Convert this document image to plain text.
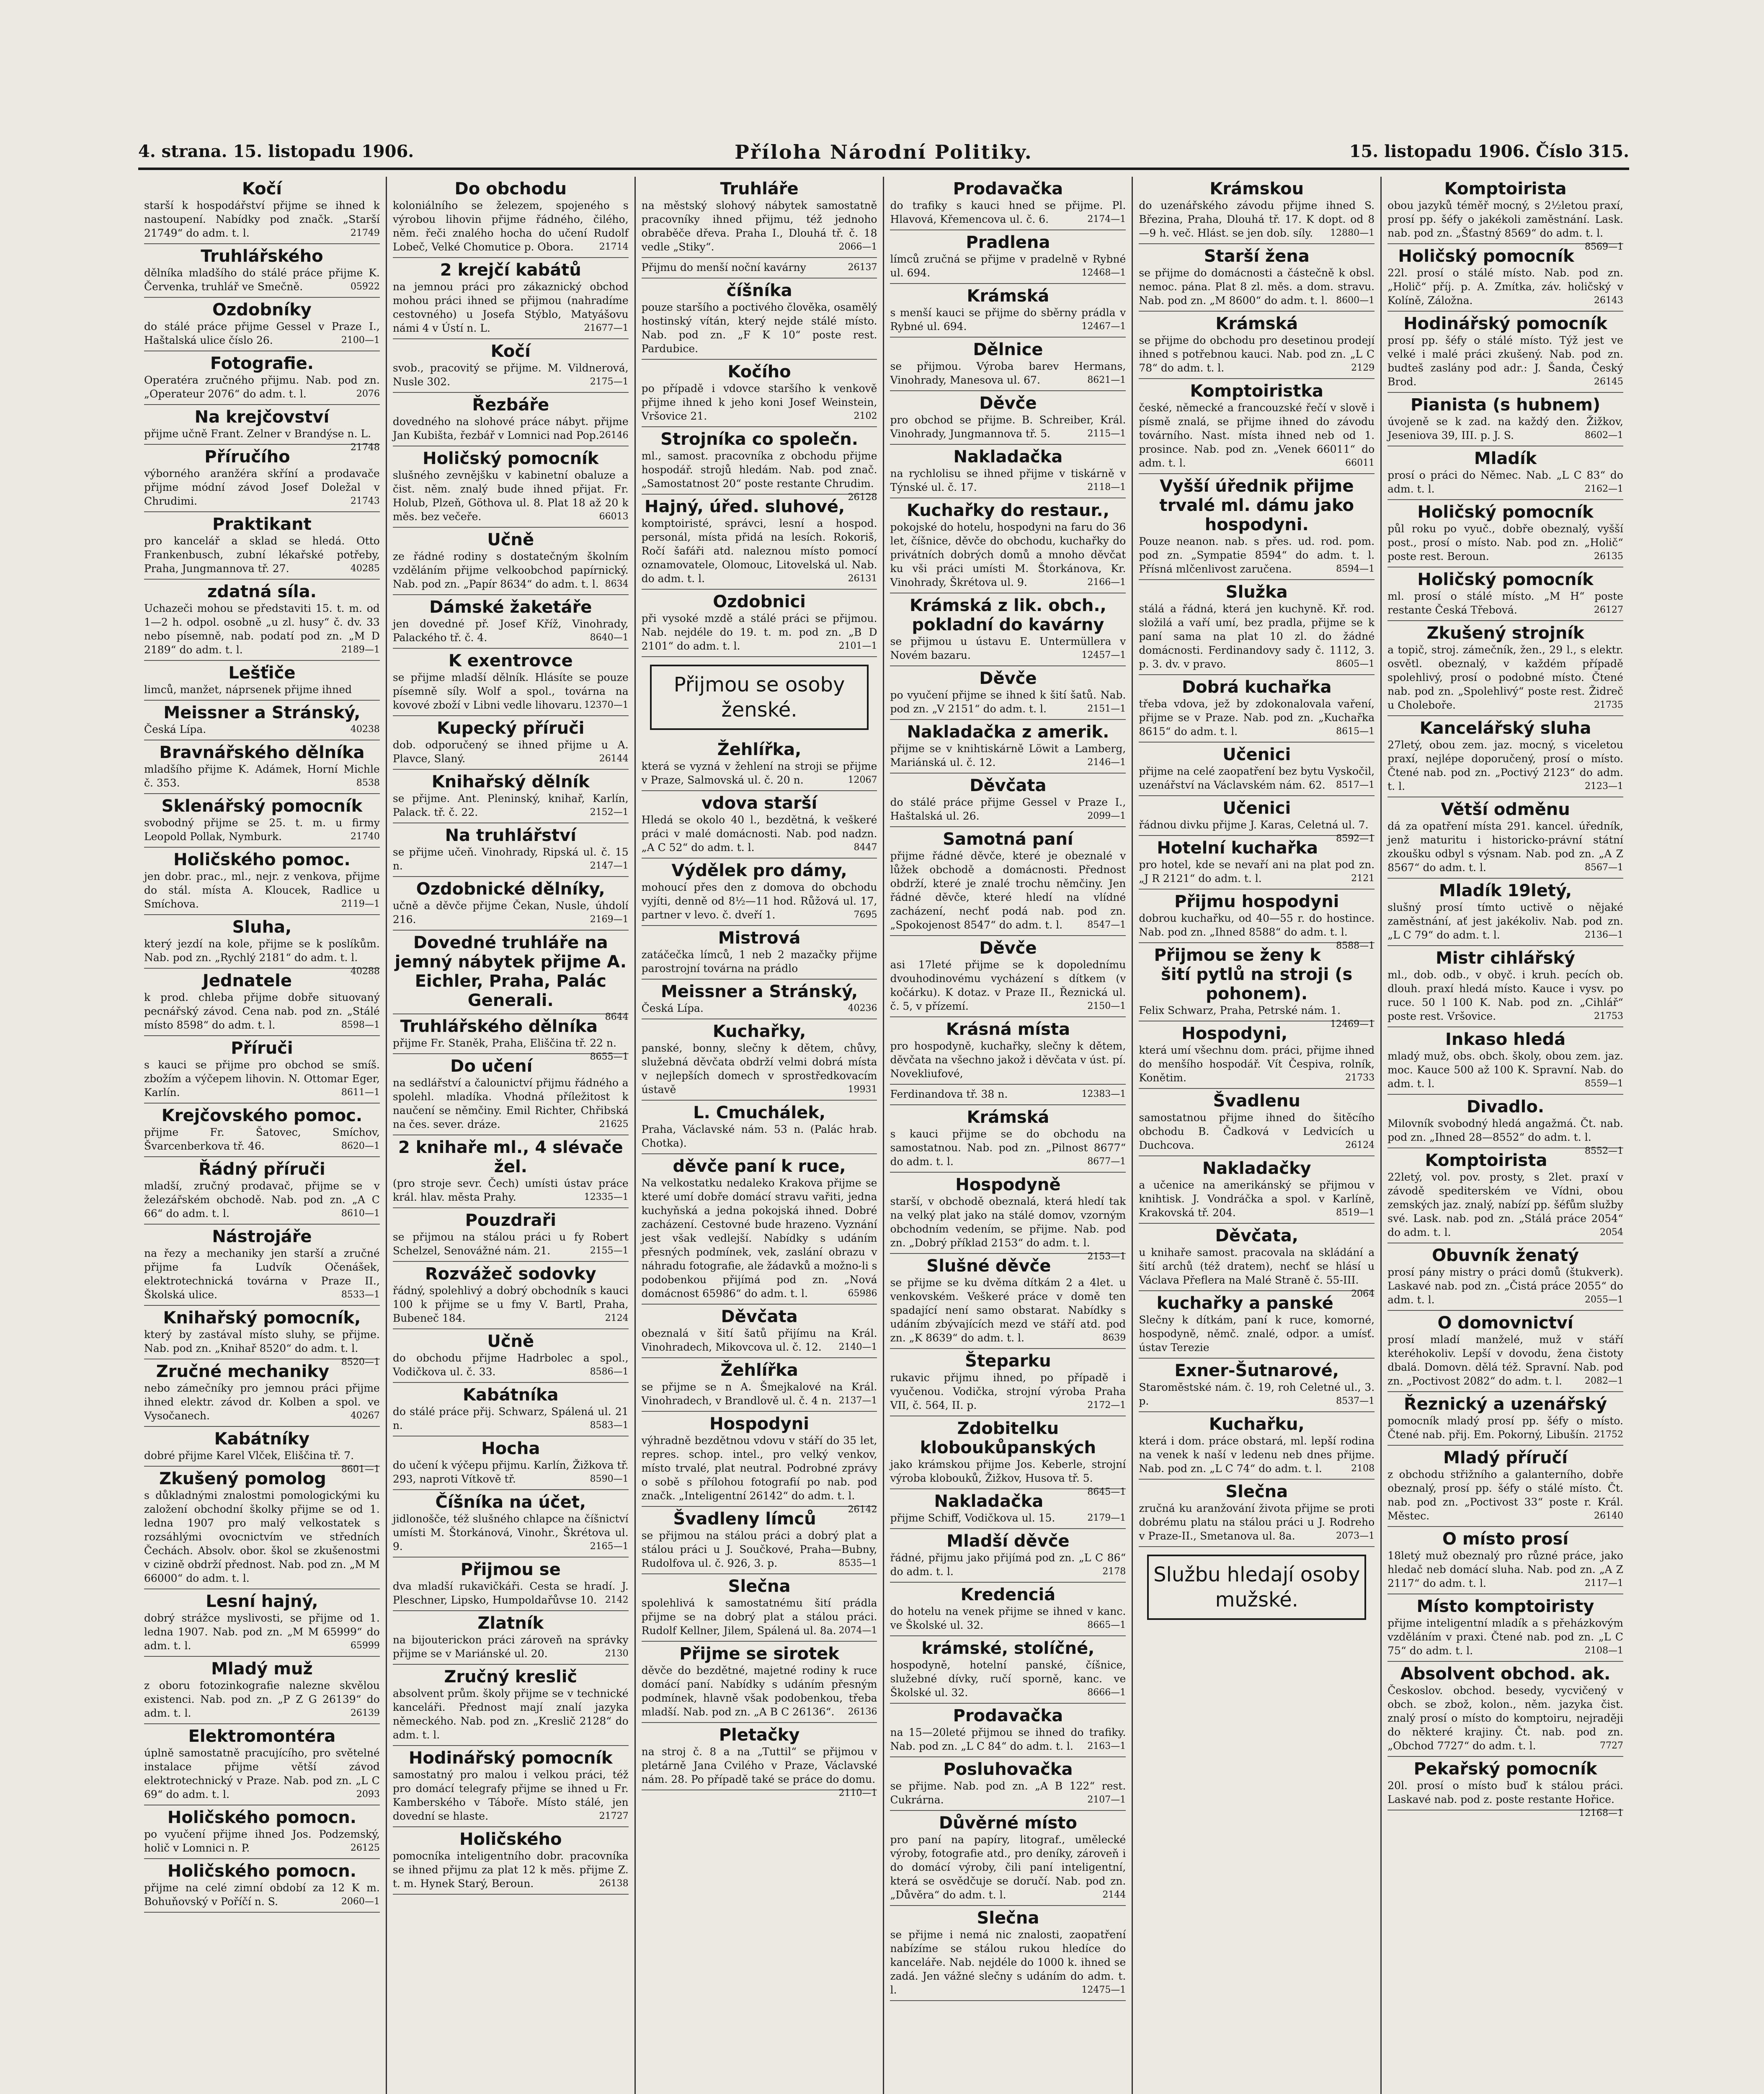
4. strana. 15. listopadu 1906.	Příloha Národní Politiky.	15. listopadu 1906. Číslo 315.
Kočí

starší k hospodářství přijme se ihned k nastoupení. Nabídky pod značk. „Starší 21749“ do adm. t. l.	21749

Truhlářského

dělníka mladšího do stálé práce přijme K. Červenka, truhlář ve Smečně.	05922

Ozdobníky

do stálé práce přijme Gessel v Praze I., Haštalská ulice číslo 26.	2100—1

Fotografie.

Operatéra zručného přijmu. Nab. pod zn. „Operateur 2076“ do adm. t. l.	2076

Na krejčovství

přijme učně Frant. Zelner v Brandýse n. L.
21748

Příručího

výborného aranžéra skříní a prodavače přijme módní závod Josef Doležal v Chrudimi.	21743

Praktikant

pro kancelář a sklad se hledá. Otto Frankenbusch, zubní lékařské potřeby, Praha, Jungmannova tř. 27.	40285

zdatná síla.

Uchazeči mohou se představiti 15. t. m. od 1—2 h. odpol. osobně „u zl. husy“ č. dv. 33 nebo písemně, nab. podatí pod zn. „M D 2189“ do adm. t. l.	2189—1

Lešťiče

limců, manžet, náprsenek přijme ihned

Meissner a Stránský,

Česká Lípa.	40238

Bravnářského dělníka

mladšího přijme K. Adámek, Horní Michle č. 353.	8538

Sklenářský pomocník

svobodný přijme se 25. t. m. u firmy Leopold Pollak, Nymburk.	21740

Holičského pomoc.

jen dobr. prac., ml., nejr. z venkova, přijme do stál. místa A. Kloucek, Radlice u Smíchova.	2119—1

Sluha,

který jezdí na kole, přijme se k poslíkům. Nab. pod zn. „Rychlý 2181“ do adm. t. l.
40288

Jednatele

k prod. chleba přijme dobře situovaný pecnářský závod. Cena nab. pod zn. „Stálé místo 8598“ do adm. t. l.	8598—1

Příruči

s kauci se přijme pro obchod se smíš. zbožím a výčepem lihovin. N. Ottomar Eger, Karlín.	8611—1

Krejčovského pomoc.

přijme Fr. Šatovec, Smíchov, Švarcenberkova tř. 46.	8620—1

Řádný příruči

mladší, zručný prodavač, přijme se v železářském obchodě. Nab. pod zn. „A C 66“ do adm. t. l.	8610—1

Nástrojáře

na řezy a mechaniky jen starší a zručné přijme fa Ludvík Očenášek, elektrotechnická továrna v Praze II., Školská ulice.	8533—1

Knihařský pomocník,

který by zastával místo sluhy, se přijme. Nab. pod zn. „Knihař 8520“ do adm. t. l.
8520—1

Zručné mechaniky

nebo zámečníky pro jemnou práci přijme ihned elektr. závod dr. Kolben a spol. ve Vysočanech.	40267

Kabátníky

dobré přijme Karel Vlček, Eliščina tř. 7.
8601—1

Zkušený pomolog

s důkladnými znalostmi pomologickými ku založení obchodní školky přijme se od 1. ledna 1907 pro malý velkostatek s rozsáhlými ovocnictvím ve středních Čechách. Absolv. obor. škol se zkušenostmi v cizině obdrží přednost. Nab. pod zn. „M M 66000“ do adm. t. l.

Lesní hajný,

dobrý strážce myslivosti, se přijme od 1. ledna 1907. Nab. pod zn. „M M 65999“ do adm. t. l.	65999

Mladý muž

z oboru fotozinkografie nalezne skvělou existenci. Nab. pod zn. „P Z G 26139“ do adm. t. l.	26139

Elektromontéra

úplně samostatně pracujícího, pro světelné instalace přijme větší závod elektrotechnický v Praze. Nab. pod zn. „L C 69“ do adm. t. l.	2093

Holičského pomocn.

po vyučení přijme ihned Jos. Podzemský, holič v Lomnici n. P.	26125

Holičského pomocn.

přijme na celé zimní období za 12 K m. Bohuňovský v Poříčí n. S.	2060—1

Do obchodu

koloniálního se železem, spojeného s výrobou lihovin přijme řádného, čilého, něm. řeči znalého hocha do učení Rudolf Lobeč, Velké Chomutice p. Obora.	21714

2 krejčí kabátů

na jemnou práci pro zákaznický obchod mohou práci ihned se přijmou (nahradíme cestovného) u Josefa Stýblo, Matyášovu námi 4 v Ústí n. L.	21677—1

Kočí

svob., pracovitý se přijme. M. Vildnerová, Nusle 302.	2175—1

Řezbáře

dovedného na slohové práce nábyt. přijme Jan Kubišta, řezbář v Lomnici nad Pop. 26146

Holičský pomocník

slušného zevnějšku v kabinetní obaluze a čist. něm. znalý bude ihned přijat. Fr. Holub, Plzeň, Göthova ul. 8. Plat 18 až 20 k měs. bez večeře.	66013

Učně

ze řádné rodiny s dostatečným školním vzděláním přijme velkoobchod papírnický. Nab. pod zn. „Papír 8634“ do adm. t. l. 8634

Dámské žaketáře

jen dovedné př. Josef Kříž, Vinohrady, Palackého tř. č. 4.	8640—1

K exentrovce

se přijme mladší dělník. Hlásíte se pouze písemně síly. Wolf a spol., továrna na kovové zboží v Libni vedle lihovaru. 12370—1

Kupecký příruči

dob. odporučený se ihned přijme u A. Plavce, Slaný.	26144

Knihařský dělník

se přijme. Ant. Pleninský, knihař, Karlín, Palack. tř. č. 22.	2152—1

Na truhlářství

se přijme učeň. Vinohrady, Ripská ul. č. 15 n.	2147—1

Ozdobnické dělníky,

učně a děvče přijme Čekan, Nusle, úhdolí 216.	2169—1

Dovedné truhláře na jemný nábytek přijme A. Eichler, Praha, Palác Generali.

8644

Truhlářského dělníka

přijme Fr. Staněk, Praha, Eliščina tř. 22 n.
8655—1

Do učení

na sedlářství a čalounictví přijmu řádného a spolehl. mladíka. Vhodná příležitost k naučení se němčiny. Emil Richter, Chřibská na čes. sever. dráze.	21625

2 knihaře ml., 4 slévače žel.

(pro stroje sevr. Čech) umísti ústav práce král. hlav. města Prahy.	12335—1

Pouzdraři

se přijmou na stálou práci u fy Robert Schelzel, Senovážné nám. 21.	2155—1

Rozvážeč sodovky

řádný, spolehlivý a dobrý obchodník s kauci 100 k přijme se u fmy V. Bartl, Praha, Bubeneč 184.	2124

Učně

do obchodu přijme Hadrbolec a spol., Vodičkova ul. č. 33.	8586—1

Kabátníka

do stálé práce přij. Schwarz, Spálená ul. 21 n.	8583—1

Hocha

do učení k výčepu přijmu. Karlín, Žižkova tř. 293, naproti Vítkově tř.	8590—1

Číšníka na účet,

jidlonošče, též slušného chlapce na číšnictví umísti M. Štorkánová, Vinohr., Škrétova ul. 9.	2165—1

Přijmou se

dva mladší rukavičkáři. Cesta se hradí. J. Pleschner, Lipsko, Humpoldařůvse 10. 2142

Zlatník

na bijouterickon práci zároveň na správky přijme se v Mariánské ul. 20.	2130

Zručný kreslič

absolvent prům. školy přijme se v technické kanceláři. Přednost mají znalí jazyka německého. Nab. pod zn. „Kreslič 2128“ do adm. t. l.

Hodinářský pomocník

samostatný pro malou i velkou práci, též pro domácí telegrafy přijme se ihned u Fr. Kamberského v Táboře. Místo stálé, jen dovední se hlaste.	21727

Holičského

pomocníka inteligentního dobr. pracovníka se ihned přijmu za plat 12 k měs. přijme Z. t. m. Hynek Starý, Beroun.	26138

Truhláře

na městský slohový nábytek samostatně pracovníky ihned přijmu, též jednoho obraběče dřeva. Praha I., Dlouhá tř. č. 18 vedle „Stiky“.	2066—1

Přijmu do menší noční kavárny	26137

číšníka

pouze staršího a poctivého člověka, osamělý hostinský vítán, který nejde stálé místo. Nab. pod zn. „F K 10“ poste rest. Pardubice.

Kočího

po případě i vdovce staršího k venkově přijme ihned k jeho koni Josef Weinstein, Vršovice 21.	2102

Strojníka co společn.

ml., samost. pracovníka z obchodu přijme hospodář. strojů hledám. Nab. pod znač. „Samostatnost 20“ poste restante Chrudim.
26128

Hajný, úřed. sluhové,

komptoiristé, správci, lesní a hospod. personál, místa přidá na lesích. Rokoriš, Ročí šafáři atd. naleznou místo pomocí oznamovatele, Olomouc, Litovelská ul. Nab. do adm. t. l.	26131

Ozdobnici

při vysoké mzdě a stálé práci se přijmou. Nab. nejdéle do 19. t. m. pod zn. „B D 2101“ do adm. t. l.	2101—1

Přijmou se osoby ženské.
Žehlířka,

která se vyzná v žehlení na stroji se přijme v Praze, Salmovská ul. č. 20 n.	12067

vdova starší

Hledá se okolo 40 l., bezdětná, k veškeré práci v malé domácnosti. Nab. pod nadzn. „A C 52“ do adm. t. l.	8447

Výdělek pro dámy,

mohoucí přes den z domova do obchodu vyjíti, denně od 8½—11 hod. Růžová ul. 17, partner v levo. č. dveří 1.	7695

Mistrová

zatáčečka límců, 1 neb 2 mazačky přijme parostrojní továrna na prádlo

Meissner a Stránský,

Česká Lípa.	40236

Kuchařky,

panské, bonny, slečny k dětem, chůvy, služebná děvčata obdrží velmi dobrá místa v nejlepších domech v sprostředkovacím ústavě	19931

L. Cmuchálek,

Praha, Václavské nám. 53 n. (Palác hrab. Chotka).

děvče paní k ruce,

Na velkostatku nedaleko Krakova přijme se které umí dobře domácí stravu vařiti, jedna kuchyňská a jedna pokojská ihned. Dobré zacházení. Cestovné bude hrazeno. Vyznání jest však vedlejší. Nabídky s udáním přesných podmínek, vek, zaslání obrazu v náhradu fotografie, ale žádavků a možno-li s podobenkou přijímá pod zn. „Nová domácnost 65986“ do adm. t. l.	65986

Děvčata

obeznalá v šití šatů přijímu na Král. Vinohradech, Mikovcova ul. č. 12. 2140—1

Žehlířka

se přijme se n A. Šmejkalové na Král. Vinohradech, v Brandlově ul. č. 4 n. 2137—1

Hospodyni

výhradně bezdětnou vdovu v stáří do 35 let, repres. schop. intel., pro velký venkov, místo trvalé, plat neutral. Podrobné zprávy o sobě s přílohou fotografií po nab. pod značk. „Inteligentní 26142“ do adm. t. l.
26142

Švadleny límců

se přijmou na stálou práci a dobrý plat a stálou práci u J. Součkové, Praha—Bubny, Rudolfova ul. č. 926, 3. p.	8535—1

Slečna

spolehlivá k samostatnému šití prádla přijme se na dobrý plat a stálou práci. Rudolf Kellner, Jilem, Spálená ul. 8a. 2074—1

Přijme se sirotek

děvče do bezdětné, majetné rodiny k ruce domácí paní. Nabídky s udáním přesným podmínek, hlavně však podobenkou, třeba mladší. Nab. pod zn. „A B C 26136“. 26136

Pletačky

na stroj č. 8 a na „Tuttil“ se přijmou v pletárně Jana Cvilého v Praze, Václavské nám. 28. Po případě také se práce do domu.
2110—1

Prodavačka

do trafiky s kauci hned se přijme. Pl. Hlavová, Křemencova ul. č. 6.	2174—1

Pradlena

límců zručná se přijme v pradelně v Rybné ul. 694.	12468—1

Krámská

s menší kauci se přijme do sběrny prádla v Rybné ul. 694.	12467—1

Dělnice

se přijmou. Výroba barev Hermans, Vinohrady, Manesova ul. 67.	8621—1

Děvče

pro obchod se přijme. B. Schreiber, Král. Vinohrady, Jungmannova tř. 5.	2115—1

Nakladačka

na rychlolisu se ihned přijme v tiskárně v Týnské ul. č. 17.	2118—1

Kuchařky do restaur.,

pokojské do hotelu, hospodyni na faru do 36 let, číšnice, děvče do obchodu, kuchařky do privátních dobrých domů a mnoho děvčat ku vši práci umísti M. Štorkánova, Kr. Vinohrady, Škrétova ul. 9.	2166—1

Krámská z lik. obch., pokladní do kavárny

se přijmou u ústavu E. Untermüllera v Novém bazaru.	12457—1

Děvče

po vyučení přijme se ihned k šití šatů. Nab. pod zn. „V 2151“ do adm. t. l.	2151—1

Nakladačka z amerik.

přijme se v knihtiskárně Löwit a Lamberg, Mariánská ul. č. 12.	2146—1

Děvčata

do stálé práce přijme Gessel v Praze I., Haštalská ul. 26.	2099—1

Samotná paní

přijme řádné děvče, které je obeznalé v lůžek obchodě a domácnosti. Přednost obdrží, které je znalé trochu němčiny. Jen řádné děvče, které hledí na vlídné zacházení, nechť podá nab. pod zn. „Spokojenost 8547“ do adm. t. l.	8547—1

Děvče

asi 17leté přijme se k dopolednímu dvouhodinovému vycházení s dítkem (v kočárku). K dotaz. v Praze II., Řeznická ul. č. 5, v přízemí.	2150—1

Krásná místa

pro hospodyně, kuchařky, slečny k dětem, děvčata na všechno jakož i děvčata v úst. pí. Novekliufové,

Ferdinandova tř. 38 n.	12383—1

Krámská

s kauci přijme se do obchodu na samostatnou. Nab. pod zn. „Pilnost 8677“ do adm. t. l.	8677—1

Hospodyně

starší, v obchodě obeznalá, která hledí tak na velký plat jako na stálé domov, vzorným obchodním vedením, se přijme. Nab. pod zn. „Dobrý příklad 2153“ do adm. t. l.
2153—1

Slušné děvče

se přijme se ku dvěma dítkám 2 a 4let. u venkovském. Veškeré práce v domě ten spadající není samo obstarat. Nabídky s udáním zbývajících mezd ve stáří atd. pod zn. „K 8639“ do adm. t. l.	8639

Šteparku

rukavic přijmu ihned, po případě i vyučenou. Vodička, strojní výroba Praha VII, č. 564, II. p.	2172—1

Zdobitelku kloboukůpanských

jako krámskou přijme Jos. Keberle, strojní výroba klobouků, Žižkov, Husova tř. 5.
8645—1

Nakladačka

přijme Schiff, Vodičkova ul. 15.	2179—1

Mladší děvče

řádné, přijmu jako přijímá pod zn. „L C 86“ do adm. t. l.	2178

Kredenciá

do hotelu na venek přijme se ihned v kanc. ve Školské ul. 32.	8665—1

krámské, stolíčné,

hospodyně, hotelní panské, číšnice, služebné dívky, ručí sporně, kanc. ve Školské ul. 32.	8666—1

Prodavačka

na 15—20leté přijmou se ihned do trafiky. Nab. pod zn. „L C 84“ do adm. t. l. 2163—1

Posluhovačka

se přijme. Nab. pod zn. „A B 122“ rest. Cukrárna.	2107—1

Důvěrné místo

pro paní na papíry, litograf., umělecké výroby, fotografie atd., pro deníky, zároveň i do domácí výroby, čili paní inteligentní, která se osvědčuje se doručí. Nab. pod zn. „Důvěra“ do adm. t. l.	2144

Slečna

se přijme i nemá nic znalosti, zaopatření nabízíme se stálou rukou hledíce do kanceláře. Nab. nejdéle do 1000 k. ihned se zadá. Jen vážné slečny s udáním do adm. t. l.	12475—1

Krámskou

do uzenářského závodu přijme ihned S. Březina, Praha, Dlouhá tř. 17. K dopt. od 8—9 h. več. Hlást. se jen dob. síly. 12880—1

Starší žena

se přijme do domácnosti a částečně k obsl. nemoc. pána. Plat 8 zl. měs. a dom. stravu. Nab. pod zn. „M 8600“ do adm. t. l. 8600—1

Krámská

se přijme do obchodu pro desetinou prodejí ihned s potřebnou kauci. Nab. pod zn. „L C 78“ do adm. t. l.	2129

Komptoiristka

české, německé a francouzské řečí v slově i písmě znalá, se přijme ihned do závodu továrního. Nast. místa ihned neb od 1. prosince. Nab. pod zn. „Venek 66011“ do adm. t. l.	66011

Vyšší úřednik přijme trvalé ml. dámu jako hospodyni.

Pouze neanon. nab. s přes. ud. rod. pom. pod zn. „Sympatie 8594“ do adm. t. l. Přísná mlčenlivost zaručena.	8594—1

Služka

stálá a řádná, která jen kuchyně. Kř. rod. složilá a vaří umí, bez pradla, přijme se k paní sama na plat 10 zl. do žádné domácnosti. Ferdinandovy sady č. 1112, 3. p. 3. dv. v pravo.	8605—1

Dobrá kuchařka

třeba vdova, jež by zdokonalovala vaření, přijme se v Praze. Nab. pod zn. „Kuchařka 8615“ do adm. t. l.	8615—1

Učenici

přijme na celé zaopatření bez bytu Vyskočil, uzenářství na Václavském nám. 62. 8517—1

Učenici

řádnou divku přijme J. Karas, Celetná ul. 7.
8592—1

Hotelní kuchařka

pro hotel, kde se nevaří ani na plat pod zn. „J R 2121“ do adm. t. l.	2121

Přijmu hospodyni

dobrou kuchařku, od 40—55 r. do hostince. Nab. pod zn. „Ihned 8588“ do adm. t. l.
8588—1

Přijmou se ženy k šití pytlů na stroji (s pohonem).

Felix Schwarz, Praha, Petrské nám. 1.
12469—1

Hospodyni,

která umí všechnu dom. práci, přijme ihned do menšího hospodář. Vít Čespiva, rolník, Konětim.	21733

Švadlenu

samostatnou přijme ihned do šitěcího obchodu B. Čadková v Ledvicích u Duchcova.	26124

Nakladačky

a učenice na amerikánský se přijmou v knihtisk. J. Vondráčka a spol. v Karlíně, Krakovská tř. 204.	8519—1

Děvčata,

u knihaře samost. pracovala na skládání a šití archů (též dratem), nechť se hlásí u Václava Přeflera na Malé Straně č. 55-III.
2064

kuchařky a panské

Slečny k dítkám, paní k ruce, komorné, hospodyně, němč. znalé, odpor. a umísť. ústav Terezie

Exner-Šutnarové,

Staroměstské nám. č. 19, roh Celetné ul., 3. p.	8537—1

Kuchařku,

která i dom. práce obstará, ml. lepší rodina na venek k naší v ledenu neb dnes přijme. Nab. pod zn. „L C 74“ do adm. t. l.	2108

Slečna

zručná ku aranžování života přijme se proti dobrému platu na stálou práci u J. Rodreho v Praze-II., Smetanova ul. 8a.	2073—1

Službu hledají osoby mužské.
Komptoirista

obou jazyků téměř mocný, s 2½letou praxí, prosí pp. šéfy o jakékoli zaměstnání. Lask. nab. pod zn. „Šťastný 8569“ do adm. t. l.
8569—1

Holičský pomocník

22l. prosí o stálé místo. Nab. pod zn. „Holič“ příj. p. A. Zmítka, záv. holičský v Kolíně, Záložna.	26143

Hodinářský pomocník

prosí pp. šéfy o stálé místo. Týž jest ve velké i malé práci zkušený. Nab. pod zn. budteš zaslány pod adr.: J. Šanda, Český Brod.	26145

Pianista (s hubnem)

úvojeně se k zad. na každý den. Žižkov, Jeseniova 39, III. p. J. S.	8602—1

Mladík

prosí o práci do Němec. Nab. „L C 83“ do adm. t. l.	2162—1

Holičský pomocník

půl roku po vyuč., dobře obeznalý, vyšší post., prosí o místo. Nab. pod zn. „Holič“ poste rest. Beroun.	26135

Holičský pomocník

ml. prosí o stálé místo. „M H“ poste restante Česká Třebová.	26127

Zkušený strojník

a topič, stroj. zámečník, žen., 29 l., s elektr. osvětl. obeznalý, v každém případě spolehlivý, prosí o podobné místo. Čtené nab. pod zn. „Spolehlivý“ poste rest. Židreč u Choleboře.	21735

Kancelářský sluha

27letý, obou zem. jaz. mocný, s viceletou praxí, nejlépe doporučený, prosí o místo. Čtené nab. pod zn. „Poctivý 2123“ do adm. t. l.	2123—1

Větší odměnu

dá za opatření místa 291. kancel. úředník, jenž maturitu i historicko-právní státní zkoušku odbyl s výsnam. Nab. pod zn. „A Z 8567“ do adm. t. l.	8567—1

Mladík 19letý,

slušný prosí tímto uctivě o nějaké zaměstnání, ať jest jakékoliv. Nab. pod zn. „L C 79“ do adm. t. l.	2136—1

Mistr cihlářský

ml., dob. odb., v obyč. i kruh. pecích ob. dlouh. praxí hledá místo. Kauce i vysv. po ruce. 50 l 100 K. Nab. pod zn. „Cihlář“ poste rest. Vršovice.	21753

Inkaso hledá

mladý muž, obs. obch. školy, obou zem. jaz. moc. Kauce 500 až 100 K. Spravní. Nab. do adm. t. l.	8559—1

Divadlo.

Milovník svobodný hledá angažmá. Čt. nab. pod zn. „Ihned 28—8552“ do adm. t. l.
8552—1

Komptoirista

22letý, vol. pov. prosty, s 2let. praxí v závodě spediterském ve Vídni, obou zemských jaz. znalý, nabízí pp. šéfům služby své. Lask. nab. pod zn. „Stálá práce 2054“ do adm. t. l.	2054

Obuvník ženatý

prosí pány mistry o práci domů (štukverk). Laskavé nab. pod zn. „Čistá práce 2055“ do adm. t. l.	2055—1

O domovnictví

prosí mladí manželé, muž v stáří kteréhokoliv. Lepší v dovodu, žena čistoty dbalá. Domovn. dělá též. Spravní. Nab. pod zn. „Poctivost 2082“ do adm. t. l. 2082—1

Řeznický a uzenářský

pomocník mladý prosí pp. šéfy o místo. Čtené nab. přij. Em. Pokorný, Libušín. 21752

Mladý příručí

z obchodu střižního a galanterního, dobře obeznalý, prosí pp. šéfy o stálé místo. Čt. nab. pod zn. „Poctivost 33“ poste r. Král. Městec.	26140

O místo prosí

18letý muž obeznalý pro různé práce, jako hledač neb domácí sluha. Nab. pod zn. „A Z 2117“ do adm. t. l.	2117—1

Místo komptoiristy

přijme inteligentní mladík a s přeházkovým vzděláním v praxi. Čtené nab. pod zn. „L C 75“ do adm. t. l.	2108—1

Absolvent obchod. ak.

Českoslov. obchod. besedy, vycvičený v obch. se zbož, kolon., něm. jazyka čist. znalý prosí o místo do komptoiru, nejraději do některé krajiny. Čt. nab. pod zn. „Obchod 7727“ do adm. t. l.	7727

Pekařský pomocník

20l. prosí o místo buď k stálou práci. Laskavé nab. pod z. poste restante Hořice.
12168—1
